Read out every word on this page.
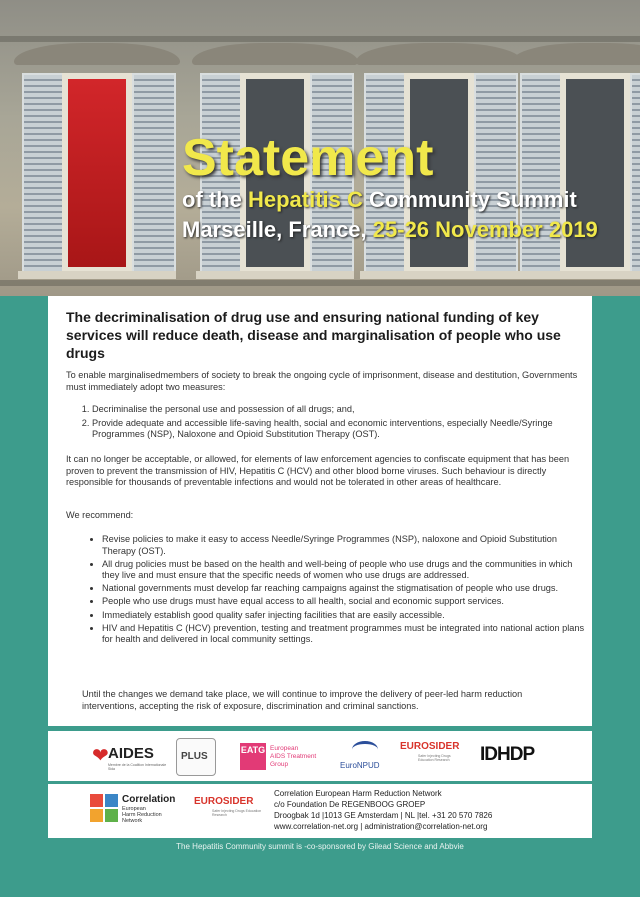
Statement

of the Hepatitis C Community Summit

Marseille, France, 25-26 November 2019

The decriminalisation of drug use and ensuring national funding of key services will reduce death, disease and marginalisation of people who use drugs

To enable marginalisedmembers of society to break the ongoing cycle of imprisonment, disease and destitution, Governments must immediately adopt two measures:

1. Decriminalise the personal use and possession of all drugs; and,
2. Provide adequate and accessible life-saving health, social and economic interventions, especially Needle/Syringe Programmes (NSP), Naloxone and Opioid Substitution Therapy (OST).

It can no longer be acceptable, or allowed, for elements of law enforcement agencies to confiscate equipment that has been proven to prevent the transmission of HIV, Hepatitis C (HCV) and other blood borne viruses. Such behaviour is directly responsible for thousands of preventable infections and would not be tolerated in other areas of healthcare.

We recommend:

• Revise policies to make it easy to access Needle/Syringe Programmes (NSP), naloxone and Opioid Substitution Therapy (OST).
• All drug policies must be based on the health and well-being of people who use drugs and the communities in which they live and must ensure that the specific needs of women who use drugs are addressed.
• National governments must develop far reaching campaigns against the stigmatisation of people who use drugs.
• People who use drugs must have equal access to all health, social and economic support services.
• Immediately establish good quality safer injecting facilities that are easily accessible.
• HIV and Hepatitis C (HCV) prevention, testing and treatment programmes must be integrated into national action plans for health and delivered in local community settings.

Until the changes we demand take place, we will continue to improve the delivery of peer-led harm reduction interventions, accepting the risk of exposure, discrimination and criminal sanctions.

❤ AIDES
Membre de la Coalition Internationale Sida
PLUS
EATG European
AIDS Treatment
Group	EuroNPUD
EUROSIDER
Safer Injecting Drugs Education Research	IDHDP
Correlation
European
Harm Reduction
Network
EUROSIDER
Safer Injecting Drugs Education Research
Correlation European Harm Reduction Network
c/o Foundation De REGENBOOG GROEP
Droogbak 1d |1013 GE Amsterdam | NL |tel. +31 20 570 7826
www.correlation-net.org | administration@correlation-net.org
The Hepatitis Community summit is -co-sponsored by Gilead Science and Abbvie
